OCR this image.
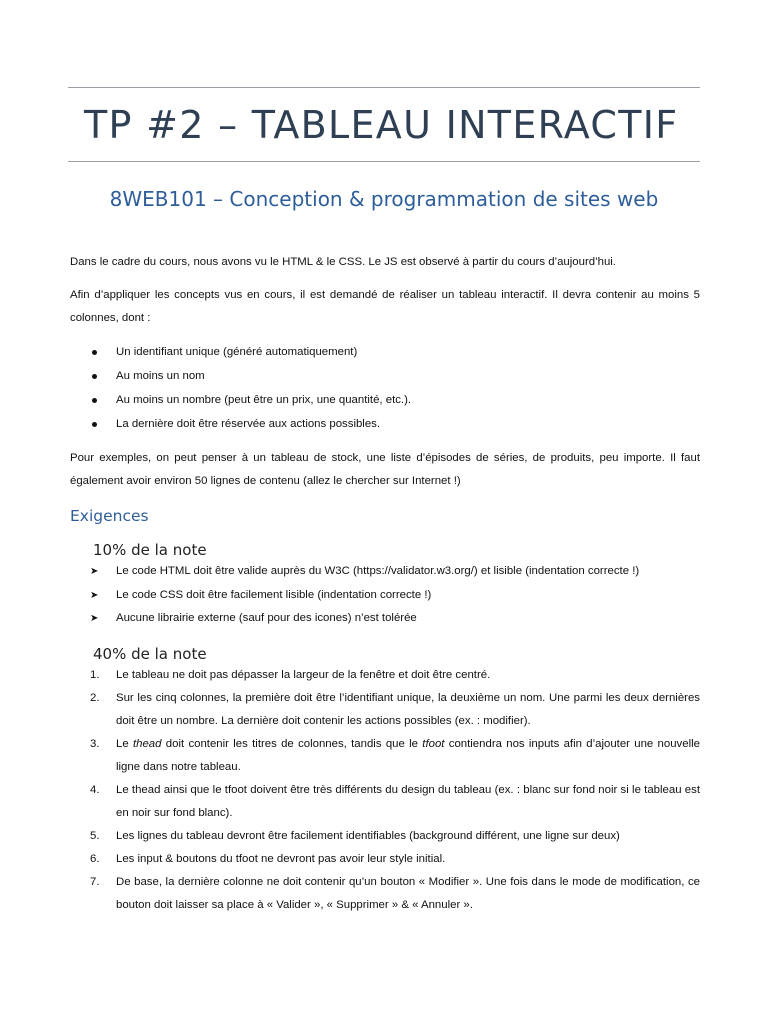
TP #2 – TABLEAU INTERACTIF
8WEB101 – Conception & programmation de sites web

Dans le cadre du cours, nous avons vu le HTML & le CSS. Le JS est observé à partir du cours d’aujourd’hui.

Afin d’appliquer les concepts vus en cours, il est demandé de réaliser un tableau interactif. Il devra contenir au moins 5 colonnes, dont :

Un identifiant unique (généré automatiquement)
Au moins un nom
Au moins un nombre (peut être un prix, une quantité, etc.).
La dernière doit être réservée aux actions possibles.

Pour exemples, on peut penser à un tableau de stock, une liste d’épisodes de séries, de produits, peu importe. Il faut également avoir environ 50 lignes de contenu (allez le chercher sur Internet !)

Exigences
10% de la note
➤ Le code HTML doit être valide auprès du W3C (https://validator.w3.org/) et lisible (indentation correcte !)
➤ Le code CSS doit être facilement lisible (indentation correcte !)
➤ Aucune librairie externe (sauf pour des icones) n’est tolérée
40% de la note
1. Le tableau ne doit pas dépasser la largeur de la fenêtre et doit être centré.
2. Sur les cinq colonnes, la première doit être l’identifiant unique, la deuxième un nom. Une parmi les deux dernières doit être un nombre. La dernière doit contenir les actions possibles (ex. : modifier).
3. Le thead doit contenir les titres de colonnes, tandis que le tfoot contiendra nos inputs afin d’ajouter une nouvelle ligne dans notre tableau.
4. Le thead ainsi que le tfoot doivent être très différents du design du tableau (ex. : blanc sur fond noir si le tableau est en noir sur fond blanc).
5. Les lignes du tableau devront être facilement identifiables (background différent, une ligne sur deux)
6. Les input & boutons du tfoot ne devront pas avoir leur style initial.
7. De base, la dernière colonne ne doit contenir qu’un bouton « Modifier ». Une fois dans le mode de modification, ce bouton doit laisser sa place à « Valider », « Supprimer » & « Annuler ».
